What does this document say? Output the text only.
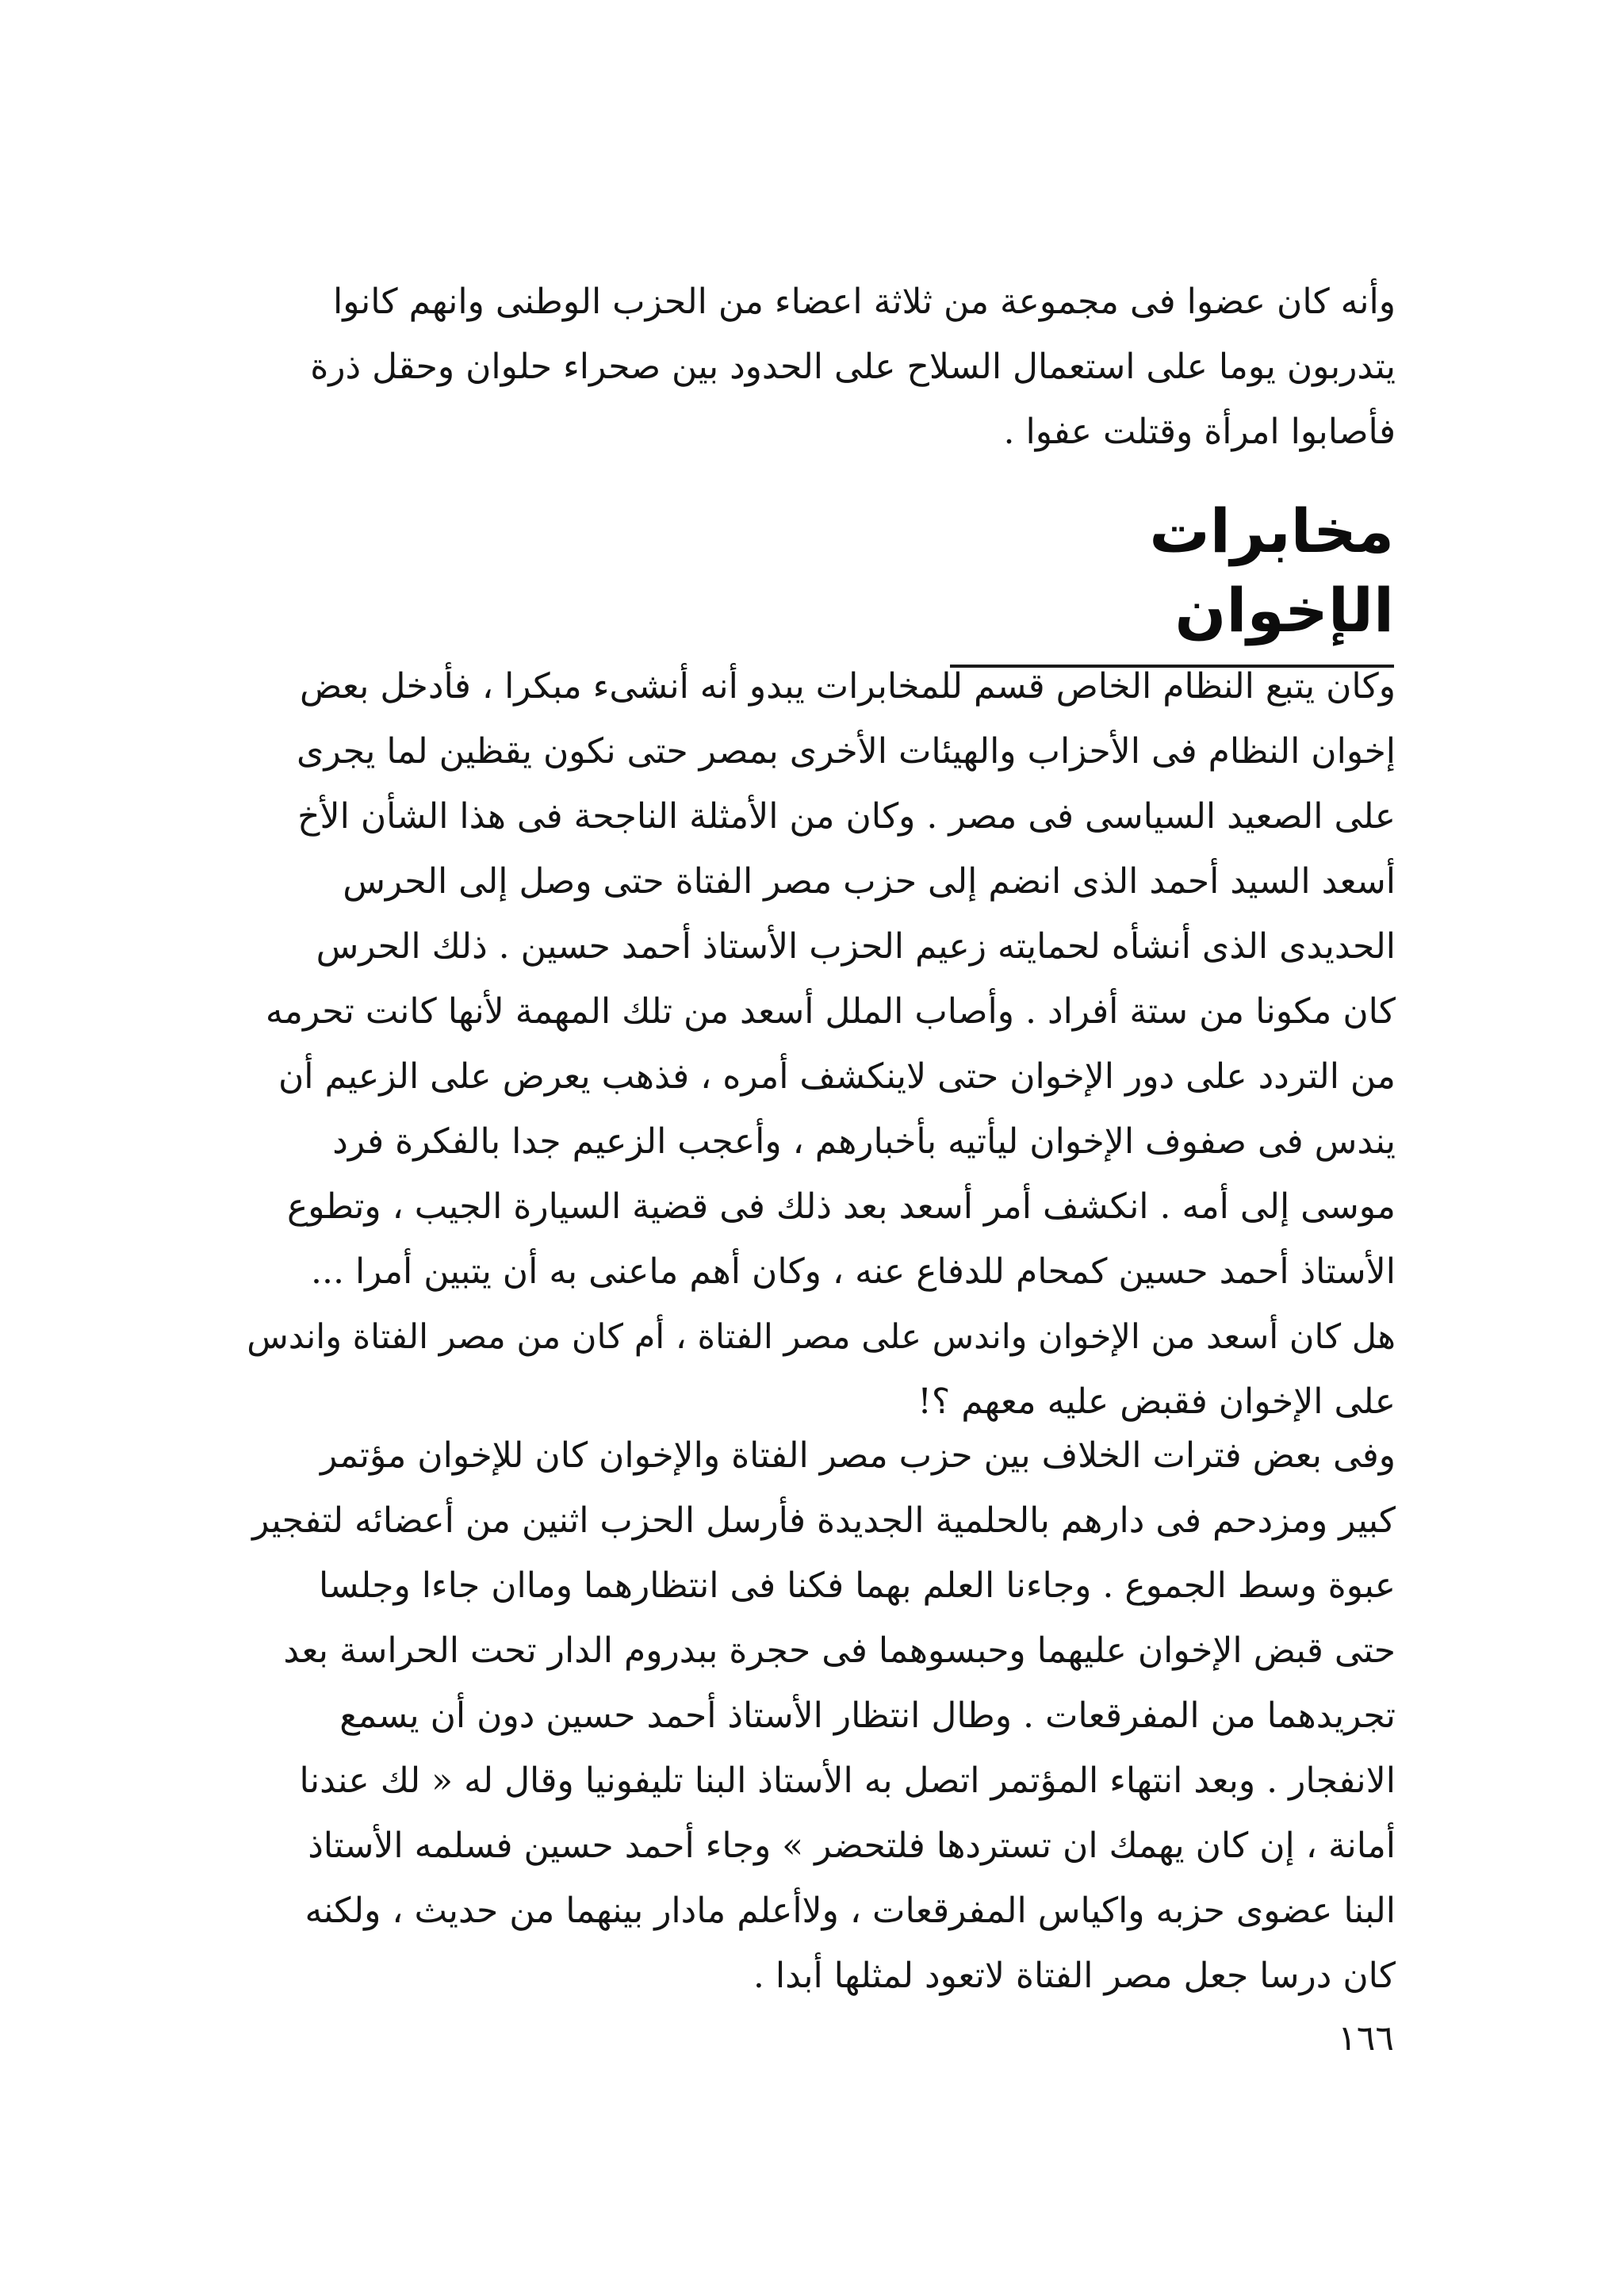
وأنه كان عضوا فى مجموعة من ثلاثة اعضاء من الحزب الوطنى وانهم كانوا
يتدربون يوما على استعمال السلاح على الحدود بين صحراء حلوان وحقل ذرة
فأصابوا امرأة وقتلت عفوا .
مخابرات الإخوان
وكان يتبع النظام الخاص قسم للمخابرات يبدو أنه أنشىء مبكرا ، فأدخل بعض
إخوان النظام فى الأحزاب والهيئات الأخرى بمصر حتى نكون يقظين لما يجرى
على الصعيد السياسى فى مصر . وكان من الأمثلة الناجحة فى هذا الشأن الأخ
أسعد السيد أحمد الذى انضم إلى حزب مصر الفتاة حتى وصل إلى الحرس
الحديدى الذى أنشأه لحمايته زعيم الحزب الأستاذ أحمد حسين . ذلك الحرس
كان مكونا من ستة أفراد . وأصاب الملل أسعد من تلك المهمة لأنها كانت تحرمه
من التردد على دور الإخوان حتى لاينكشف أمره ، فذهب يعرض على الزعيم أن
يندس فى صفوف الإخوان ليأتيه بأخبارهم ، وأعجب الزعيم جدا بالفكرة فرد
موسى إلى أمه . انكشف أمر أسعد بعد ذلك فى قضية السيارة الجيب ، وتطوع
الأستاذ أحمد حسين كمحام للدفاع عنه ، وكان أهم ماعنى به أن يتبين أمرا ...
هل كان أسعد من الإخوان واندس على مصر الفتاة ، أم كان من مصر الفتاة واندس
على الإخوان فقبض عليه معهم ؟!
وفى بعض فترات الخلاف بين حزب مصر الفتاة والإخوان كان للإخوان مؤتمر
كبير ومزدحم فى دارهم بالحلمية الجديدة فأرسل الحزب اثنين من أعضائه لتفجير
عبوة وسط الجموع . وجاءنا العلم بهما فكنا فى انتظارهما وماان جاءا وجلسا
حتى قبض الإخوان عليهما وحبسوهما فى حجرة ببدروم الدار تحت الحراسة بعد
تجريدهما من المفرقعات . وطال انتظار الأستاذ أحمد حسين دون أن يسمع
الانفجار . وبعد انتهاء المؤتمر اتصل به الأستاذ البنا تليفونيا وقال له « لك عندنا
أمانة ، إن كان يهمك ان تستردها فلتحضر » وجاء أحمد حسين فسلمه الأستاذ
البنا عضوى حزبه واكياس المفرقعات ، ولاأعلم مادار بينهما من حديث ، ولكنه
كان درسا جعل مصر الفتاة لاتعود لمثلها أبدا .
١٦٦
